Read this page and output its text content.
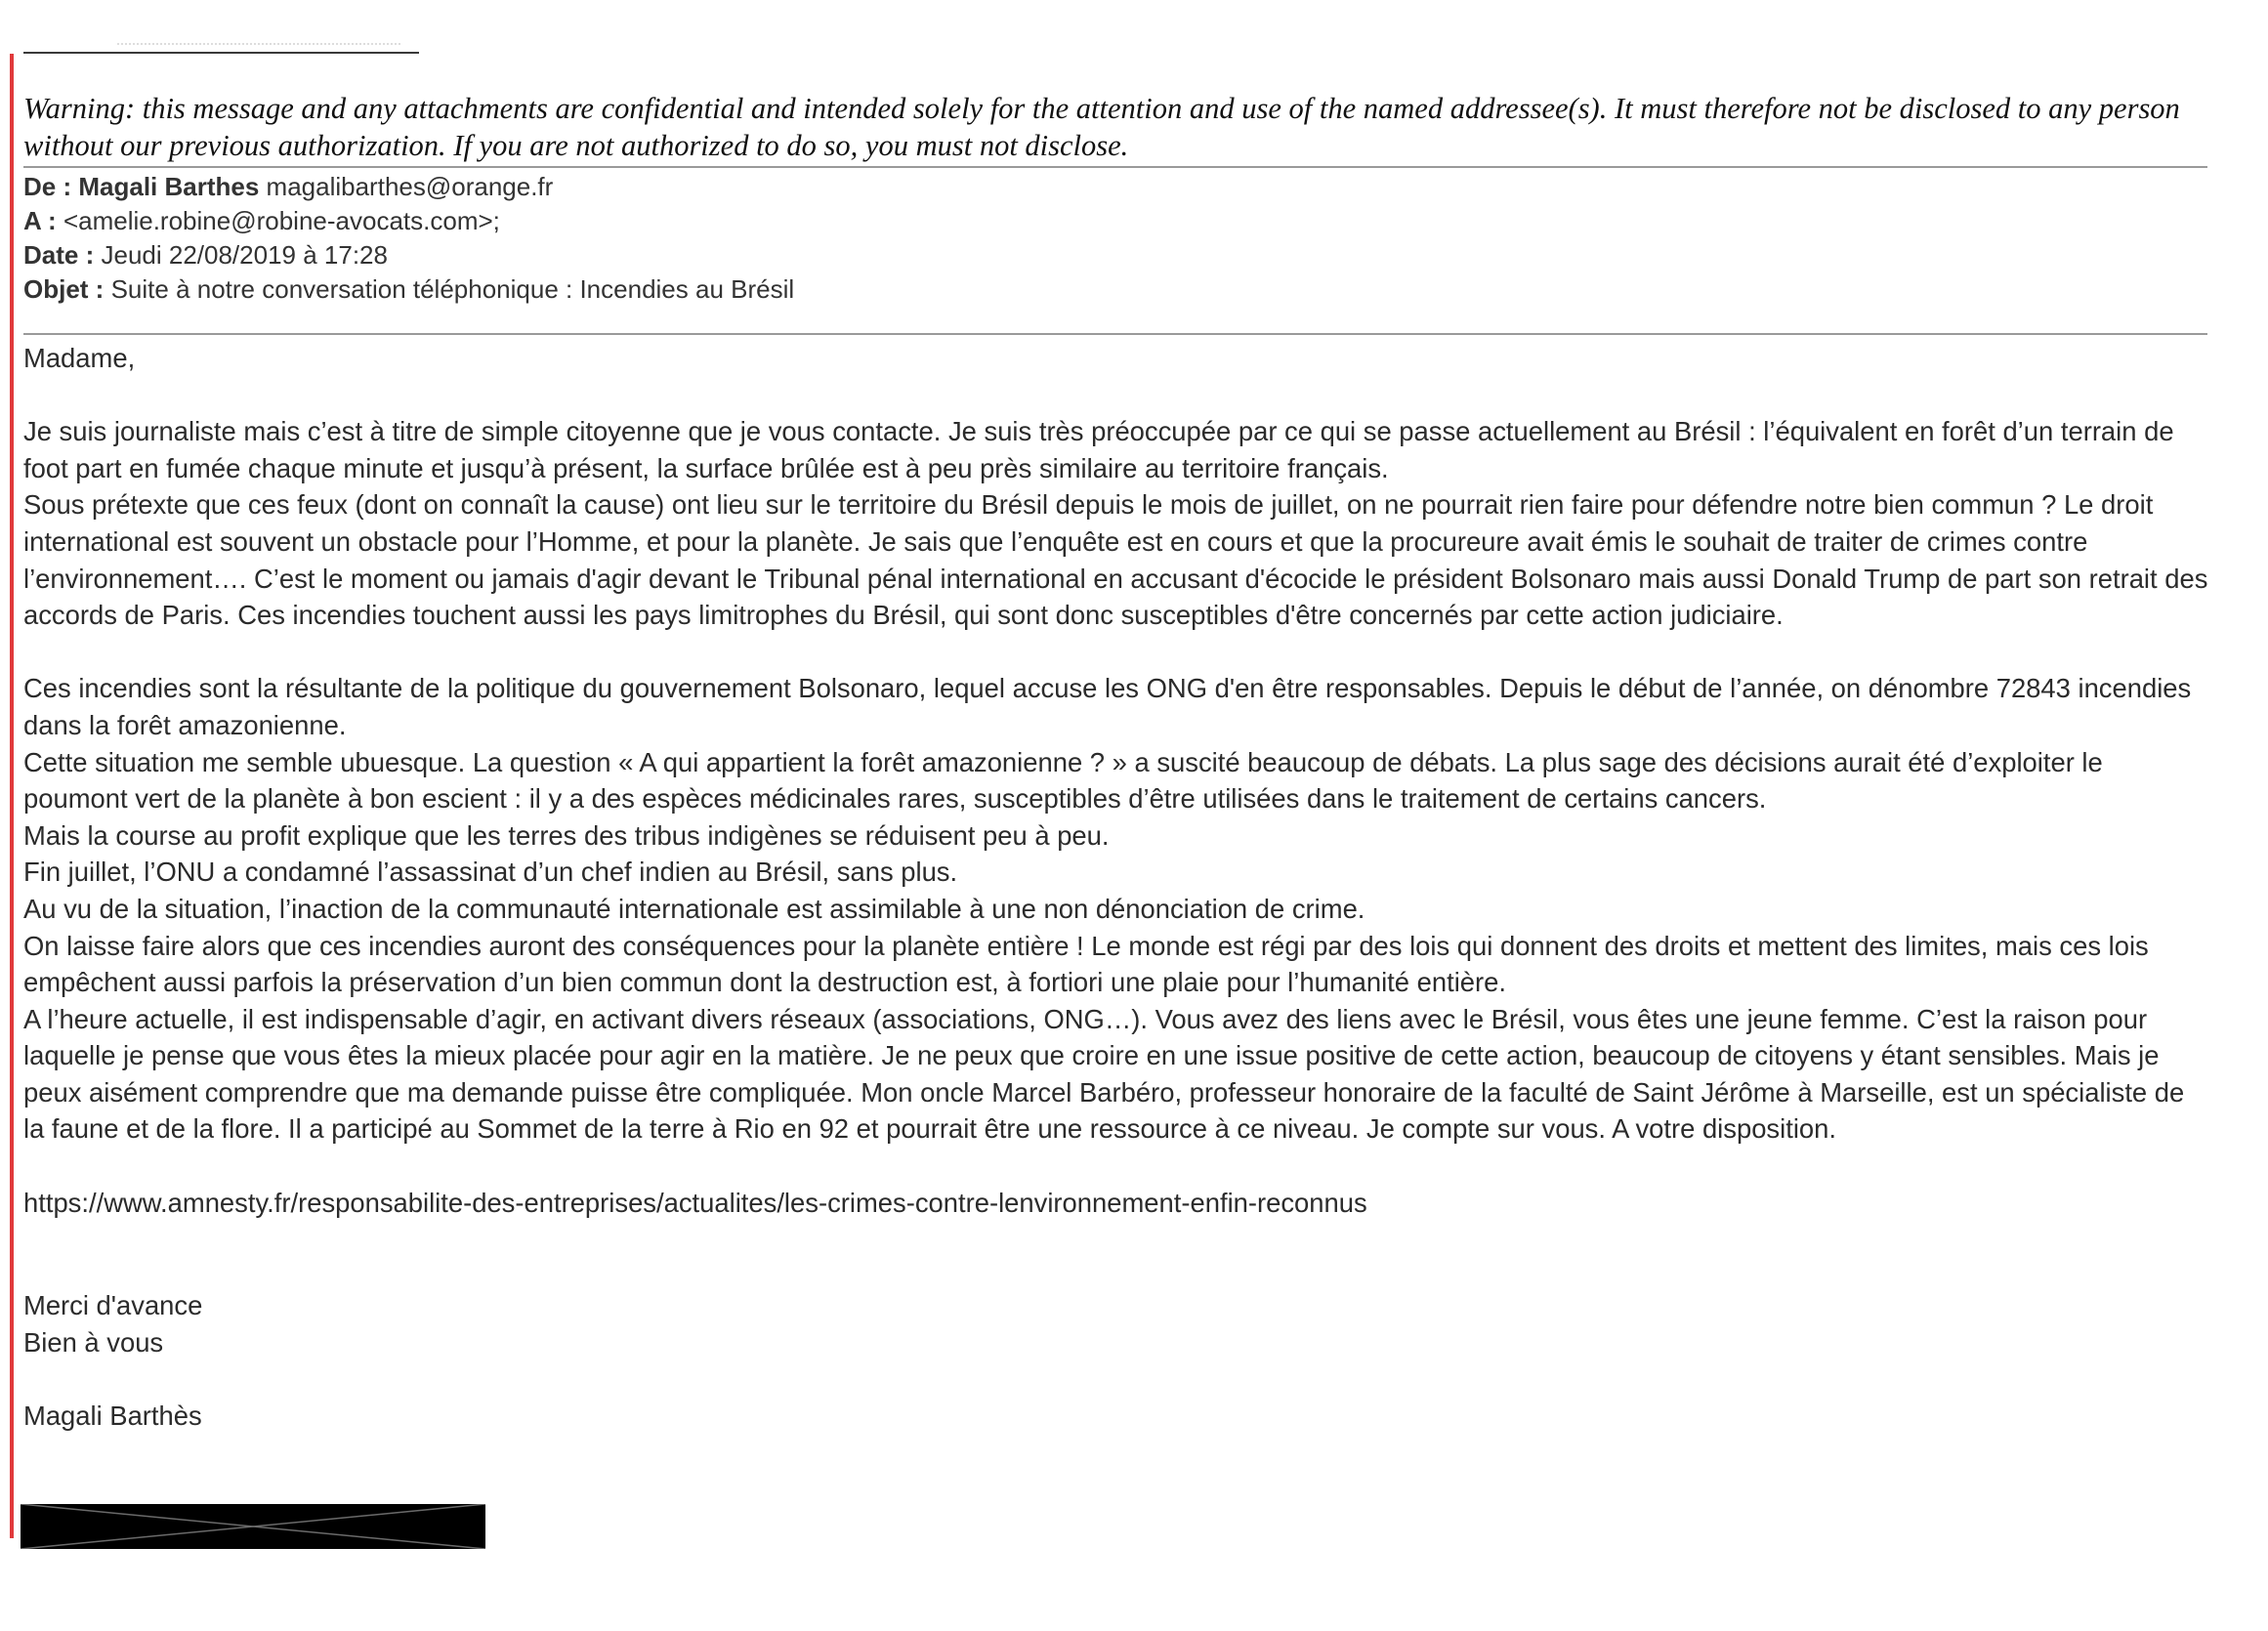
Warning: this message and any attachments are confidential and intended solely for the attention and use of the named addressee(s). It must therefore not be disclosed to any person without our previous authorization. If you are not authorized to do so, you must not disclose.

De : Magali Barthes magalibarthes@orange.fr
A : <amelie.robine@robine-avocats.com>;
Date : Jeudi 22/08/2019 à 17:28
Objet : Suite à notre conversation téléphonique : Incendies au Brésil

Madame,

Je suis journaliste mais c’est à titre de simple citoyenne que je vous contacte. Je suis très préoccupée par ce qui se passe actuellement au Brésil : l’équivalent en forêt d’un terrain de foot part en fumée chaque minute et jusqu’à présent, la surface brûlée est à peu près similaire au territoire français.

Sous prétexte que ces feux (dont on connaît la cause) ont lieu sur le territoire du Brésil depuis le mois de juillet, on ne pourrait rien faire pour défendre notre bien commun ? Le droit international est souvent un obstacle pour l’Homme, et pour la planète. Je sais que l’enquête est en cours et que la procureure avait émis le souhait de traiter de crimes contre l’environnement…. C’est le moment ou jamais d'agir devant le Tribunal pénal international en accusant d'écocide le président Bolsonaro mais aussi Donald Trump de part son retrait des accords de Paris. Ces incendies touchent aussi les pays limitrophes du Brésil, qui sont donc susceptibles d'être concernés par cette action judiciaire.

Ces incendies sont la résultante de la politique du gouvernement Bolsonaro, lequel accuse les ONG d'en être responsables. Depuis le début de l’année, on dénombre 72843 incendies dans la forêt amazonienne.

Cette situation me semble ubuesque. La question « A qui appartient la forêt amazonienne ? » a suscité beaucoup de débats. La plus sage des décisions aurait été d’exploiter le poumont vert de la planète à bon escient : il y a des espèces médicinales rares, susceptibles d’être utilisées dans le traitement de certains cancers.

Mais la course au profit explique que les terres des tribus indigènes se réduisent peu à peu.

Fin juillet, l’ONU a condamné l’assassinat d’un chef indien au Brésil, sans plus.

Au vu de la situation, l’inaction de la communauté internationale est assimilable à une non dénonciation de crime.

On laisse faire alors que ces incendies auront des conséquences pour la planète entière ! Le monde est régi par des lois qui donnent des droits et mettent des limites, mais ces lois empêchent aussi parfois la préservation d’un bien commun dont la destruction est, à fortiori une plaie pour l’humanité entière.

A l’heure actuelle, il est indispensable d’agir, en activant divers réseaux (associations, ONG…). Vous avez des liens avec le Brésil, vous êtes une jeune femme. C’est la raison pour laquelle je pense que vous êtes la mieux placée pour agir en la matière. Je ne peux que croire en une issue positive de cette action, beaucoup de citoyens y étant sensibles. Mais je peux aisément comprendre que ma demande puisse être compliquée. Mon oncle Marcel Barbéro, professeur honoraire de la faculté de Saint Jérôme à Marseille, est un spécialiste de la faune et de la flore. Il a participé au Sommet de la terre à Rio en 92 et pourrait être une ressource à ce niveau. Je compte sur vous. A votre disposition.

https://www.amnesty.fr/responsabilite-des-entreprises/actualites/les-crimes-contre-lenvironnement-enfin-reconnus

Merci d'avance

Bien à vous

Magali Barthès
